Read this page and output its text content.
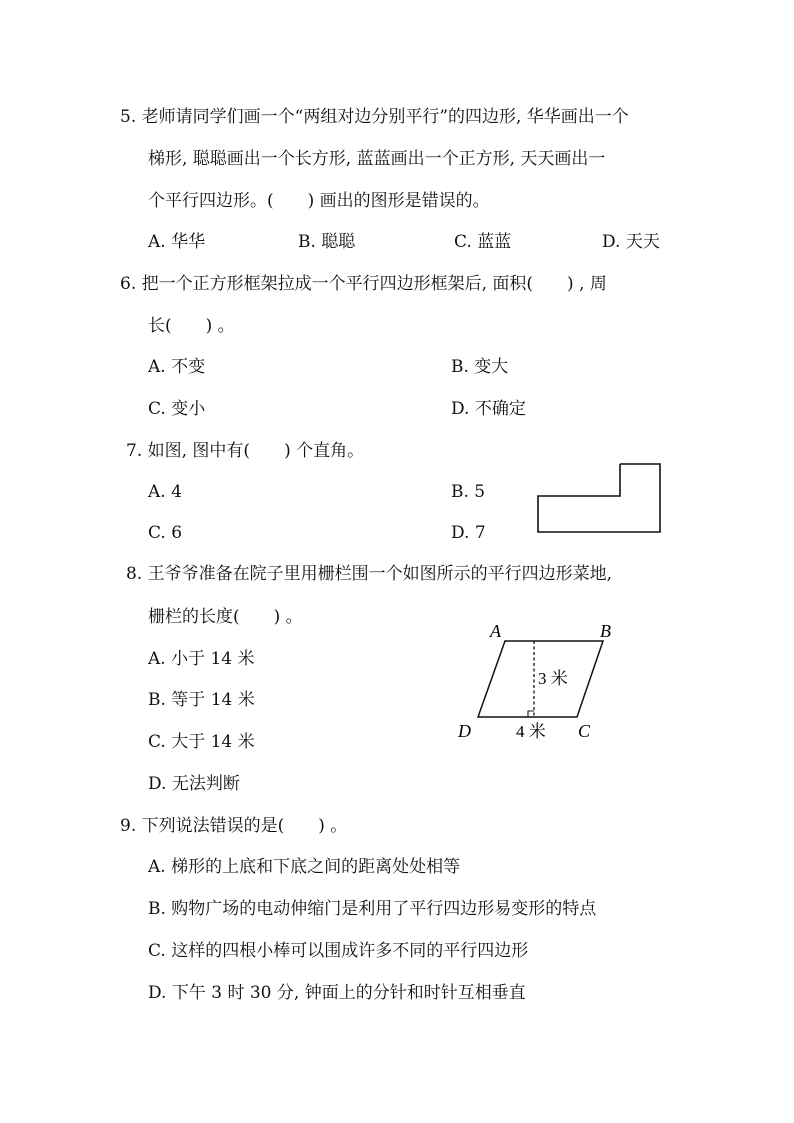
5. 老师请同学们画一个“两组对边分别平行”的四边形, 华华画出一个
梯形, 聪聪画出一个长方形, 蓝蓝画出一个正方形, 天天画出一
个平行四边形。(　　) 画出的图形是错误的。
A. 华华	B. 聪聪	C. 蓝蓝	D. 天天
6. 把一个正方形框架拉成一个平行四边形框架后, 面积(　　) , 周
长(　　) 。
A. 不变	B. 变大
C. 变小	D. 不确定
7. 如图, 图中有(　　) 个直角。
A. 4	B. 5
C. 6	D. 7
8. 王爷爷准备在院子里用栅栏围一个如图所示的平行四边形菜地,
栅栏的长度(　　) 。
A. 小于 14 米
B. 等于 14 米
C. 大于 14 米
D. 无法判断
A	B
D	C
3 米
4 米
9. 下列说法错误的是(　　) 。
A. 梯形的上底和下底之间的距离处处相等
B. 购物广场的电动伸缩门是利用了平行四边形易变形的特点
C. 这样的四根小棒可以围成许多不同的平行四边形
D. 下午 3 时 30 分, 钟面上的分针和时针互相垂直
